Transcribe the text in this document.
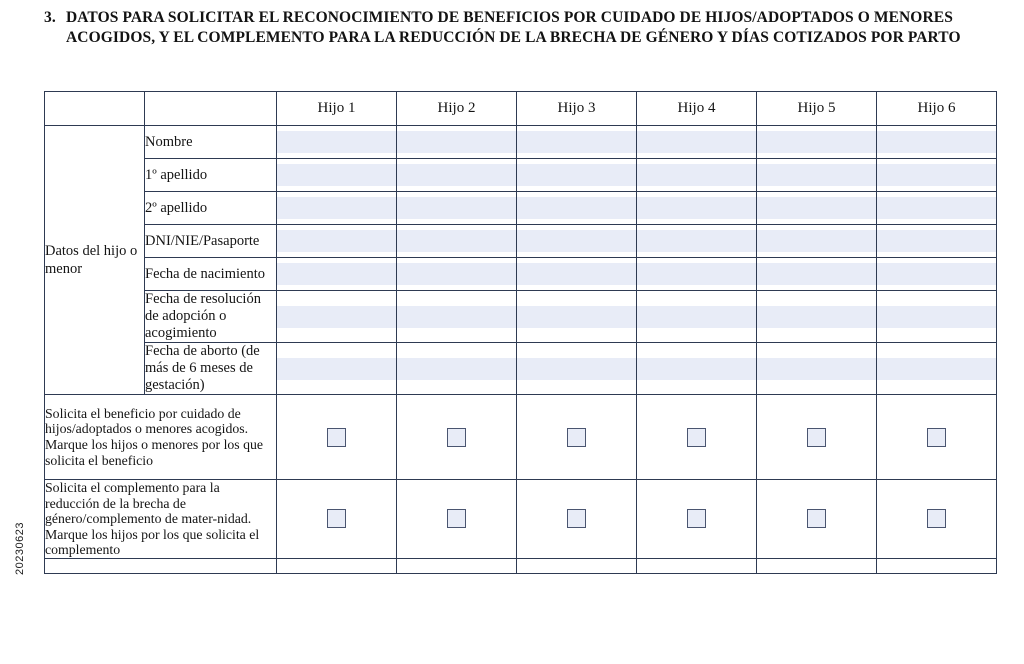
20230623
3. DATOS PARA SOLICITAR EL RECONOCIMIENTO DE BENEFICIOS POR CUIDADO DE HIJOS/ADOPTADOS O MENORES ACOGIDOS, Y EL COMPLEMENTO PARA LA REDUCCIÓN DE LA BRECHA DE GÉNERO Y DÍAS COTIZADOS POR PARTO
		Hijo 1	Hijo 2	Hijo 3	Hijo 4	Hijo 5	Hijo 6
Datos del hijo o menor	Nombre	

	1º apellido	

	2º apellido	

	DNI/NIE/Pasaporte	

	Fecha de nacimiento	

	Fecha de resolución de adopción o acogimiento	

	Fecha de aborto (de más de 6 meses de gestación)	

Solicita el beneficio por cuidado de hijos/adoptados o menores acogidos. Marque los hijos o menores por los que solicita el beneficio		

Solicita el complemento para la reducción de la brecha de género/complemento de mater-nidad. Marque los hijos por los que solicita el complemento		
